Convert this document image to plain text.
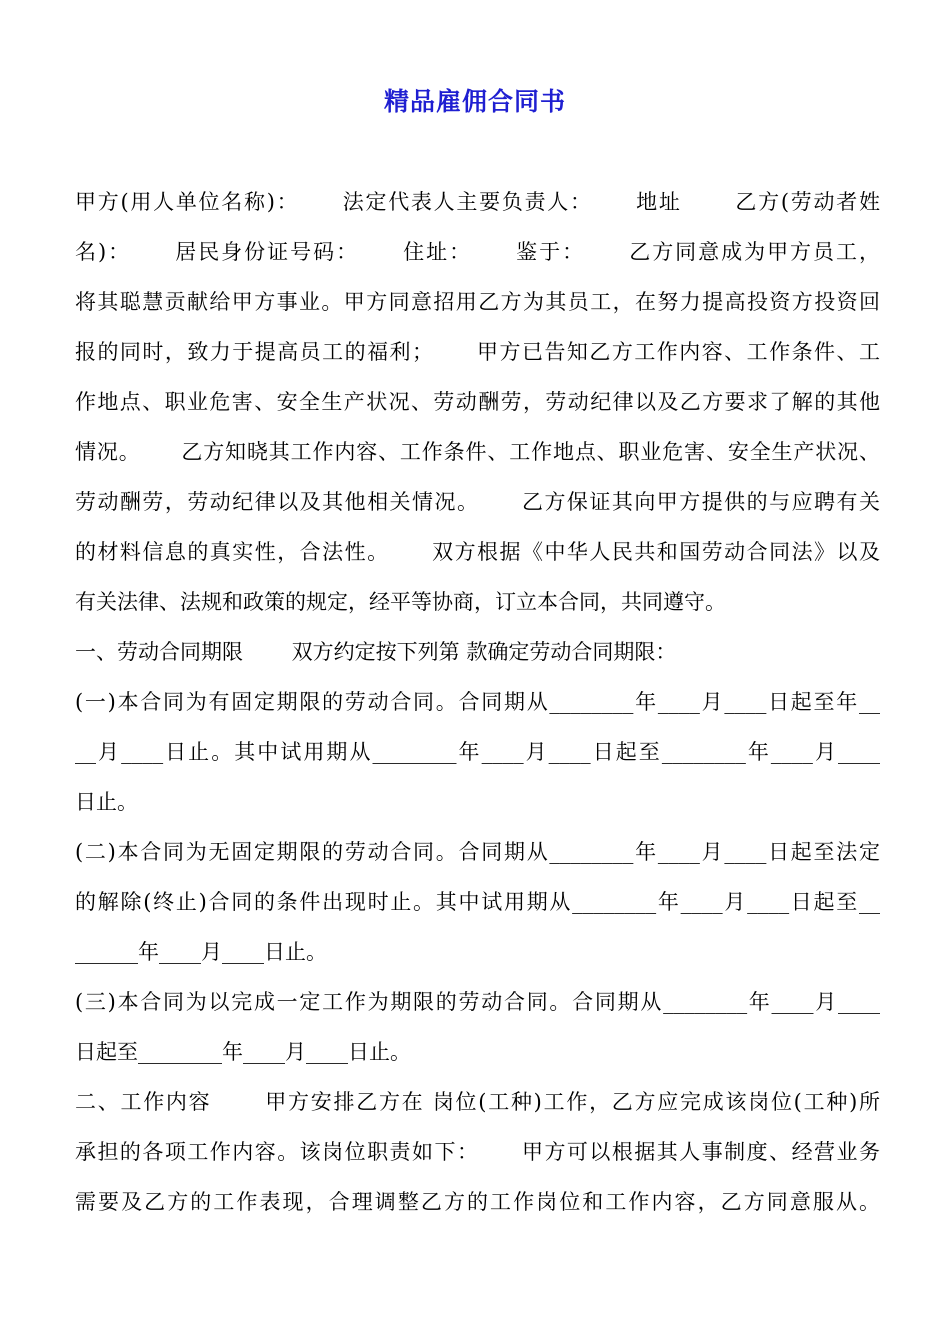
精品雇佣合同书
甲方(用人单位名称)：　　 法定代表人主要负责人：　　 地址　　 乙方(劳动者姓
名)：　　 居民身份证号码：　　 住址：　　 鉴于：　　 乙方同意成为甲方员工，
将其聪慧贡献给甲方事业。甲方同意招用乙方为其员工，在努力提高投资方投资回
报的同时，致力于提高员工的福利；　　 甲方已告知乙方工作内容、工作条件、工
作地点、职业危害、安全生产状况、劳动酬劳，劳动纪律以及乙方要求了解的其他
情况。　　 乙方知晓其工作内容、工作条件、工作地点、职业危害、安全生产状况、
劳动酬劳，劳动纪律以及其他相关情况。　　 乙方保证其向甲方提供的与应聘有关
的材料信息的真实性，合法性。　　 双方根据《中华人民共和国劳动合同法》以及
有关法律、法规和政策的规定，经平等协商，订立本合同，共同遵守。
一、劳动合同期限　　 双方约定按下列第 款确定劳动合同期限：
(一)本合同为有固定期限的劳动合同。合同期从________年____月____日起至年__
__月____日止。其中试用期从________年____月____日起至________年____月____
日止。
(二)本合同为无固定期限的劳动合同。合同期从________年____月____日起至法定
的解除(终止)合同的条件出现时止。其中试用期从________年____月____日起至__
______年____月____日止。
(三)本合同为以完成一定工作为期限的劳动合同。合同期从________年____月____
日起至________年____月____日止。
二、工作内容　　 甲方安排乙方在 岗位(工种)工作，乙方应完成该岗位(工种)所
承担的各项工作内容。该岗位职责如下：　　 甲方可以根据其人事制度、经营业务
需要及乙方的工作表现，合理调整乙方的工作岗位和工作内容，乙方同意服从。
